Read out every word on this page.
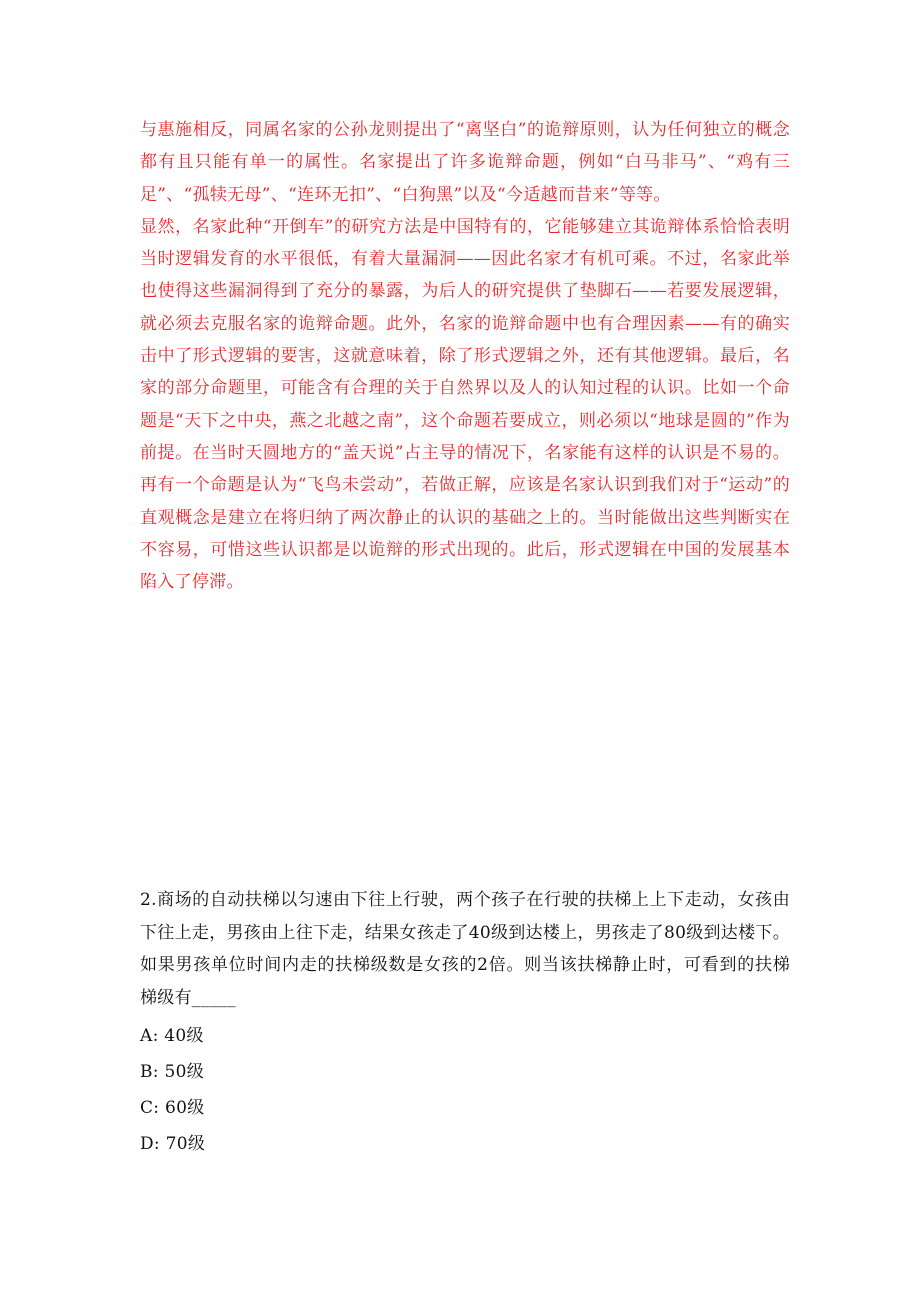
与惠施相反，同属名家的公孙龙则提出了“离坚白”的诡辩原则，认为任何独立的概念都有且只能有单一的属性。名家提出了许多诡辩命题，例如“白马非马”、“鸡有三足”、“孤犊无母”、“连环无扣”、“白狗黑”以及“今适越而昔来”等等。

显然，名家此种“开倒车”的研究方法是中国特有的，它能够建立其诡辩体系恰恰表明当时逻辑发育的水平很低，有着大量漏洞——因此名家才有机可乘。不过，名家此举也使得这些漏洞得到了充分的暴露，为后人的研究提供了垫脚石——若要发展逻辑，就必须去克服名家的诡辩命题。此外，名家的诡辩命题中也有合理因素——有的确实击中了形式逻辑的要害，这就意味着，除了形式逻辑之外，还有其他逻辑。最后，名家的部分命题里，可能含有合理的关于自然界以及人的认知过程的认识。比如一个命题是“天下之中央，燕之北越之南”，这个命题若要成立，则必须以“地球是圆的”作为前提。在当时天圆地方的“盖天说”占主导的情况下，名家能有这样的认识是不易的。再有一个命题是认为“飞鸟未尝动”，若做正解，应该是名家认识到我们对于“运动”的直观概念是建立在将归纳了两次静止的认识的基础之上的。当时能做出这些判断实在不容易，可惜这些认识都是以诡辩的形式出现的。此后，形式逻辑在中国的发展基本陷入了停滞。

2.商场的自动扶梯以匀速由下往上行驶，两个孩子在行驶的扶梯上上下走动，女孩由下往上走，男孩由上往下走，结果女孩走了40级到达楼上，男孩走了80级到达楼下。如果男孩单位时间内走的扶梯级数是女孩的2倍。则当该扶梯静止时，可看到的扶梯梯级有_____

A: 40级
B: 50级
C: 60级
D: 70级
